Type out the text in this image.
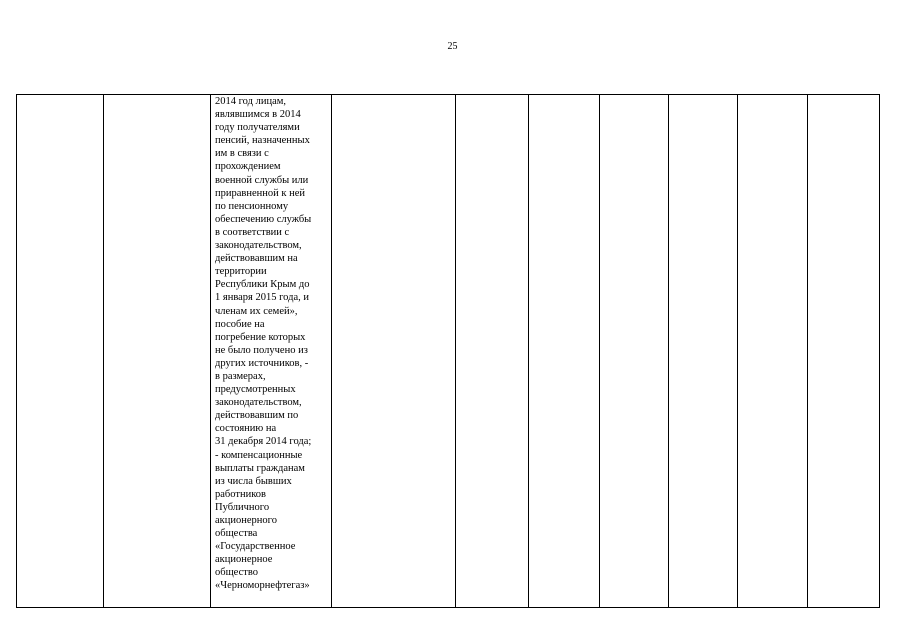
25

2014 год лицам,
являвшимся в 2014
году получателями
пенсий, назначенных
им в связи с
прохождением
военной службы или
приравненной к ней
по пенсионному
обеспечению службы
в соответствии с
законодательством,
действовавшим на
территории
Республики Крым до
1 января 2015 года, и
членам их семей»,
пособие на
погребение которых
не было получено из
других источников, -
в размерах,
предусмотренных
законодательством,
действовавшим по
состоянию на
31 декабря 2014 года;
- компенсационные
выплаты гражданам
из числа бывших
работников
Публичного
акционерного
общества
«Государственное
акционерное
общество
«Черноморнефтегаз»
